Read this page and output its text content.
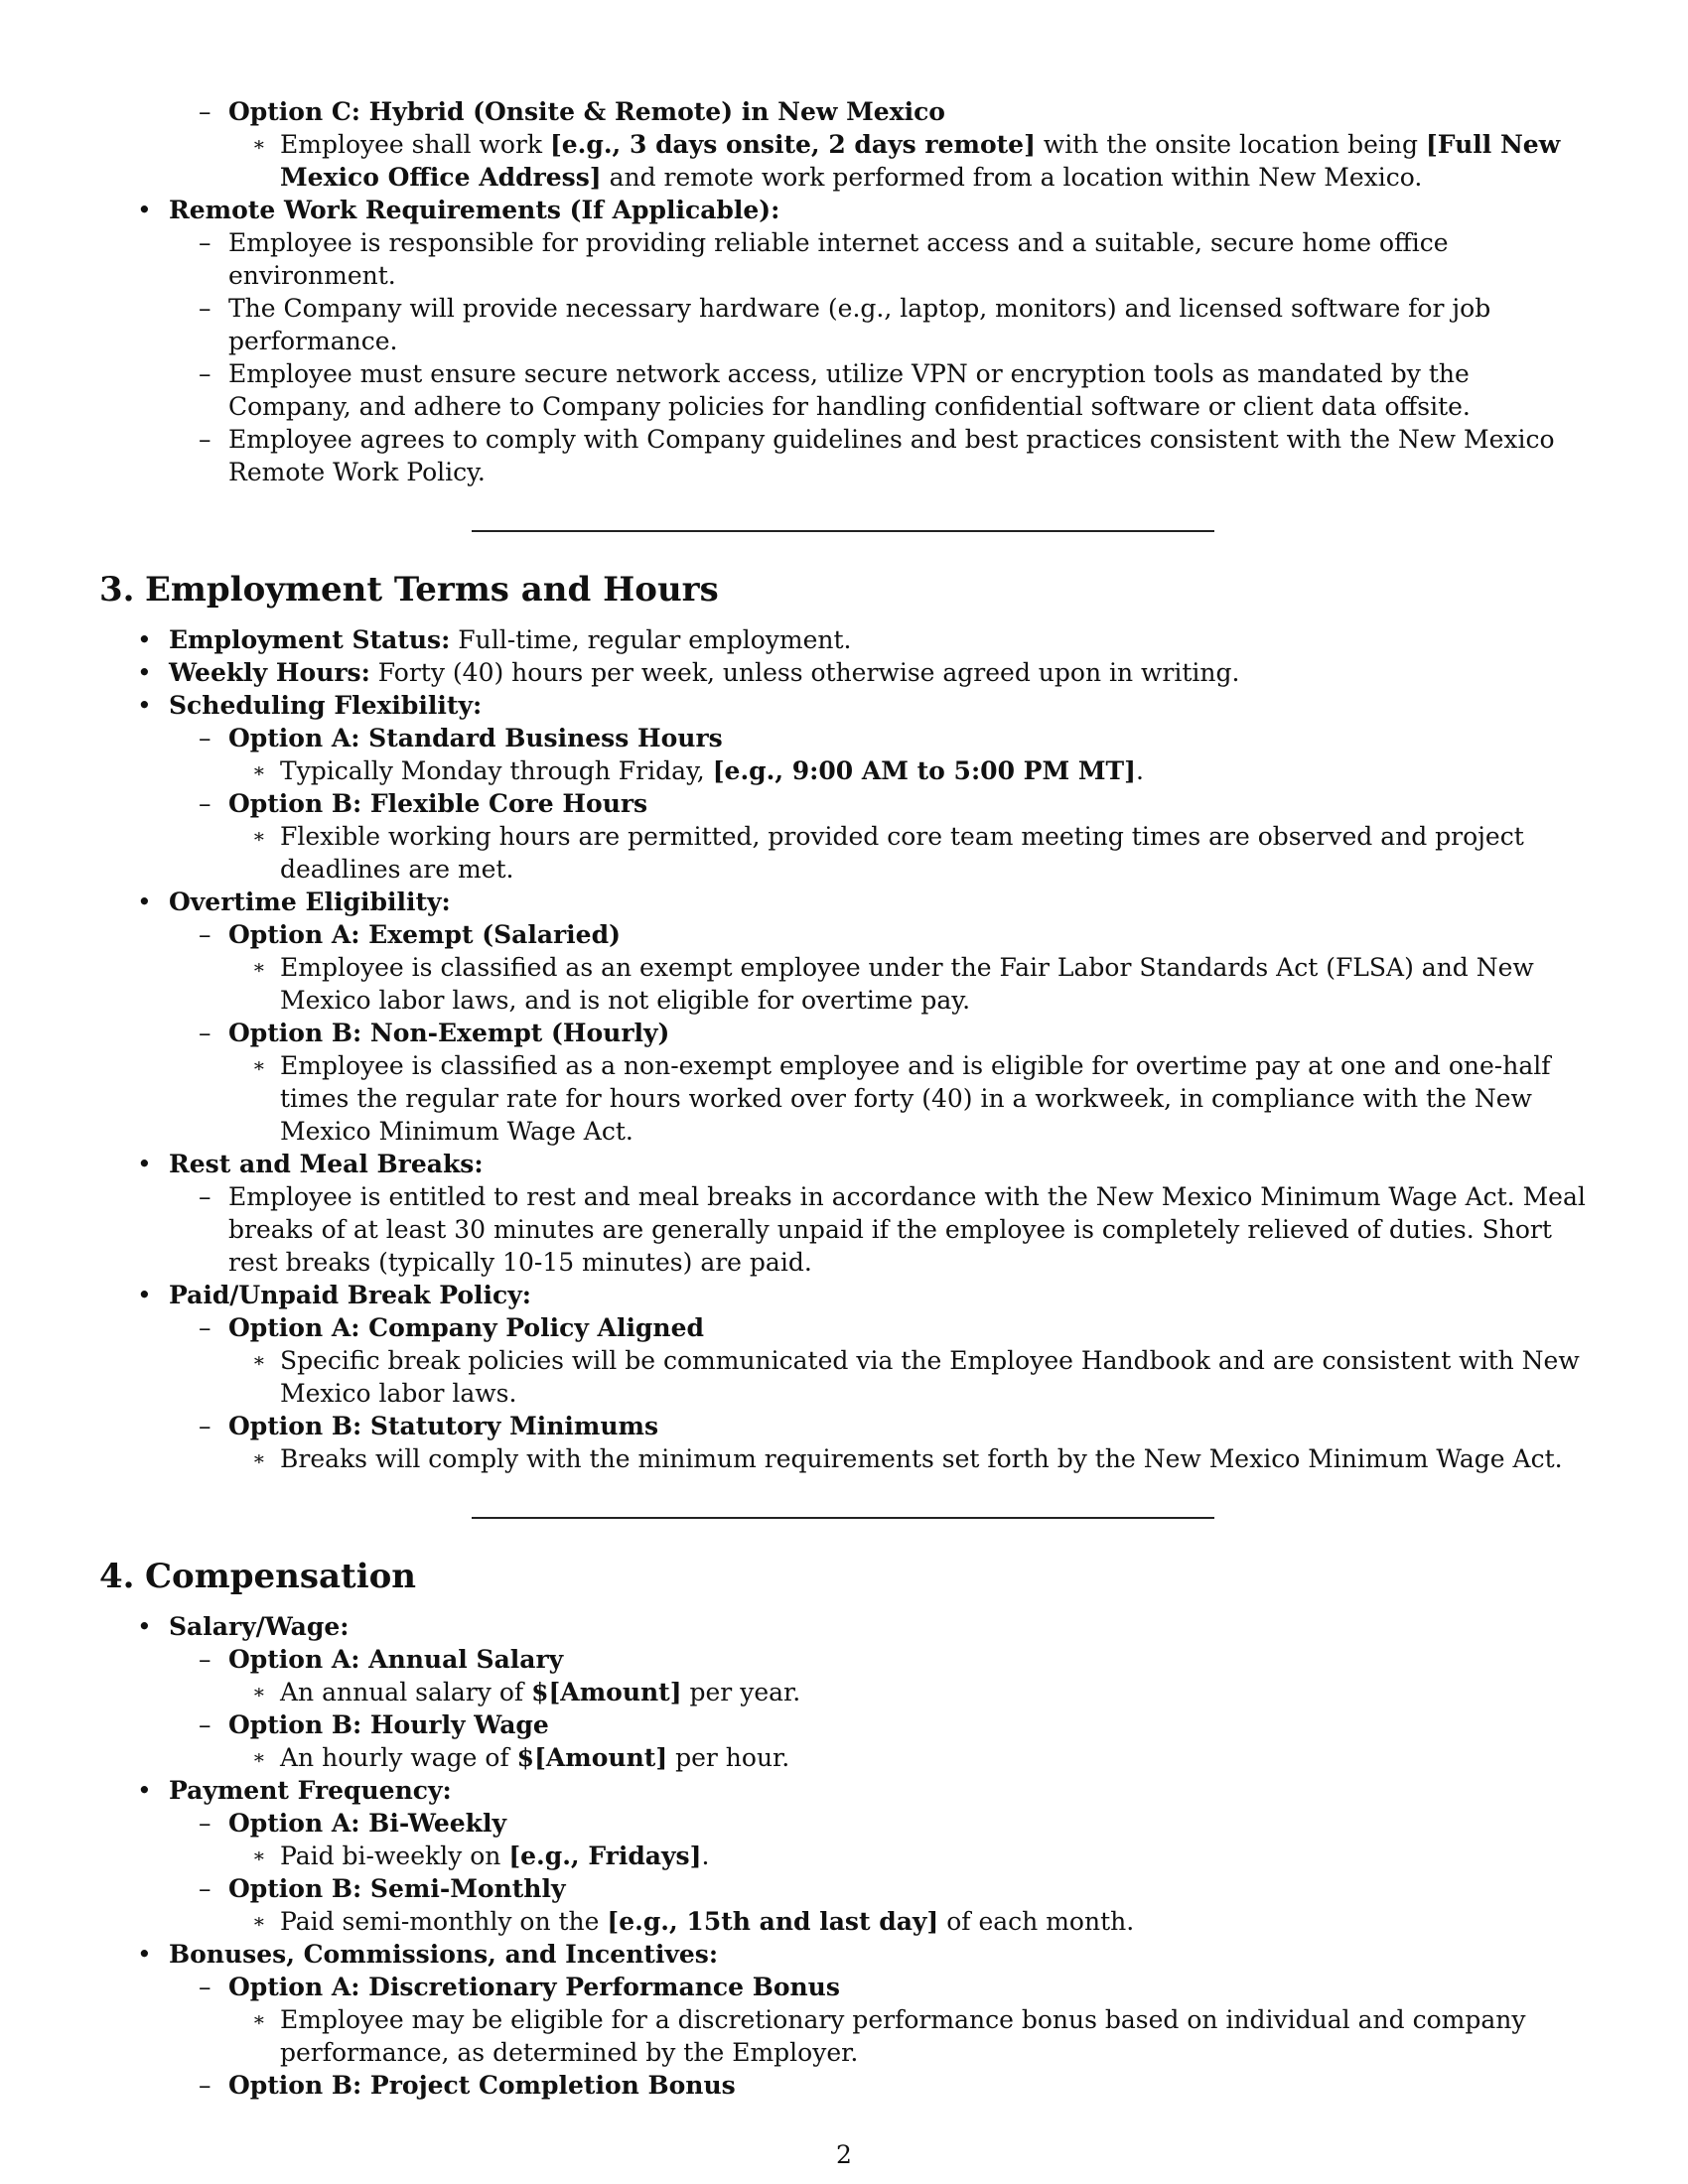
– Option C: Hybrid (Onsite & Remote) in New Mexico
∗ Employee shall work [e.g., 3 days onsite, 2 days remote] with the onsite location being [Full New Mexico Office Address] and remote work performed from a location within New Mexico.
• Remote Work Requirements (If Applicable):
– Employee is responsible for providing reliable internet access and a suitable, secure home office environment.
– The Company will provide necessary hardware (e.g., laptop, monitors) and licensed software for job performance.
– Employee must ensure secure network access, utilize VPN or encryption tools as mandated by the Company, and adhere to Company policies for handling confidential software or client data offsite.
– Employee agrees to comply with Company guidelines and best practices consistent with the New Mexico Remote Work Policy.
3. Employment Terms and Hours
• Employment Status: Full-time, regular employment.
• Weekly Hours: Forty (40) hours per week, unless otherwise agreed upon in writing.
• Scheduling Flexibility:
– Option A: Standard Business Hours
∗ Typically Monday through Friday, [e.g., 9:00 AM to 5:00 PM MT].
– Option B: Flexible Core Hours
∗ Flexible working hours are permitted, provided core team meeting times are observed and project deadlines are met.
• Overtime Eligibility:
– Option A: Exempt (Salaried)
∗ Employee is classified as an exempt employee under the Fair Labor Standards Act (FLSA) and New Mexico labor laws, and is not eligible for overtime pay.
– Option B: Non-Exempt (Hourly)
∗ Employee is classified as a non-exempt employee and is eligible for overtime pay at one and one-half times the regular rate for hours worked over forty (40) in a workweek, in compliance with the New Mexico Minimum Wage Act.
• Rest and Meal Breaks:
– Employee is entitled to rest and meal breaks in accordance with the New Mexico Minimum Wage Act. Meal breaks of at least 30 minutes are generally unpaid if the employee is completely relieved of duties. Short rest breaks (typically 10-15 minutes) are paid.
• Paid/Unpaid Break Policy:
– Option A: Company Policy Aligned
∗ Specific break policies will be communicated via the Employee Handbook and are consistent with New Mexico labor laws.
– Option B: Statutory Minimums
∗ Breaks will comply with the minimum requirements set forth by the New Mexico Minimum Wage Act.
4. Compensation
• Salary/Wage:
– Option A: Annual Salary
∗ An annual salary of $[Amount] per year.
– Option B: Hourly Wage
∗ An hourly wage of $[Amount] per hour.
• Payment Frequency:
– Option A: Bi-Weekly
∗ Paid bi-weekly on [e.g., Fridays].
– Option B: Semi-Monthly
∗ Paid semi-monthly on the [e.g., 15th and last day] of each month.
• Bonuses, Commissions, and Incentives:
– Option A: Discretionary Performance Bonus
∗ Employee may be eligible for a discretionary performance bonus based on individual and company performance, as determined by the Employer.
– Option B: Project Completion Bonus
2
